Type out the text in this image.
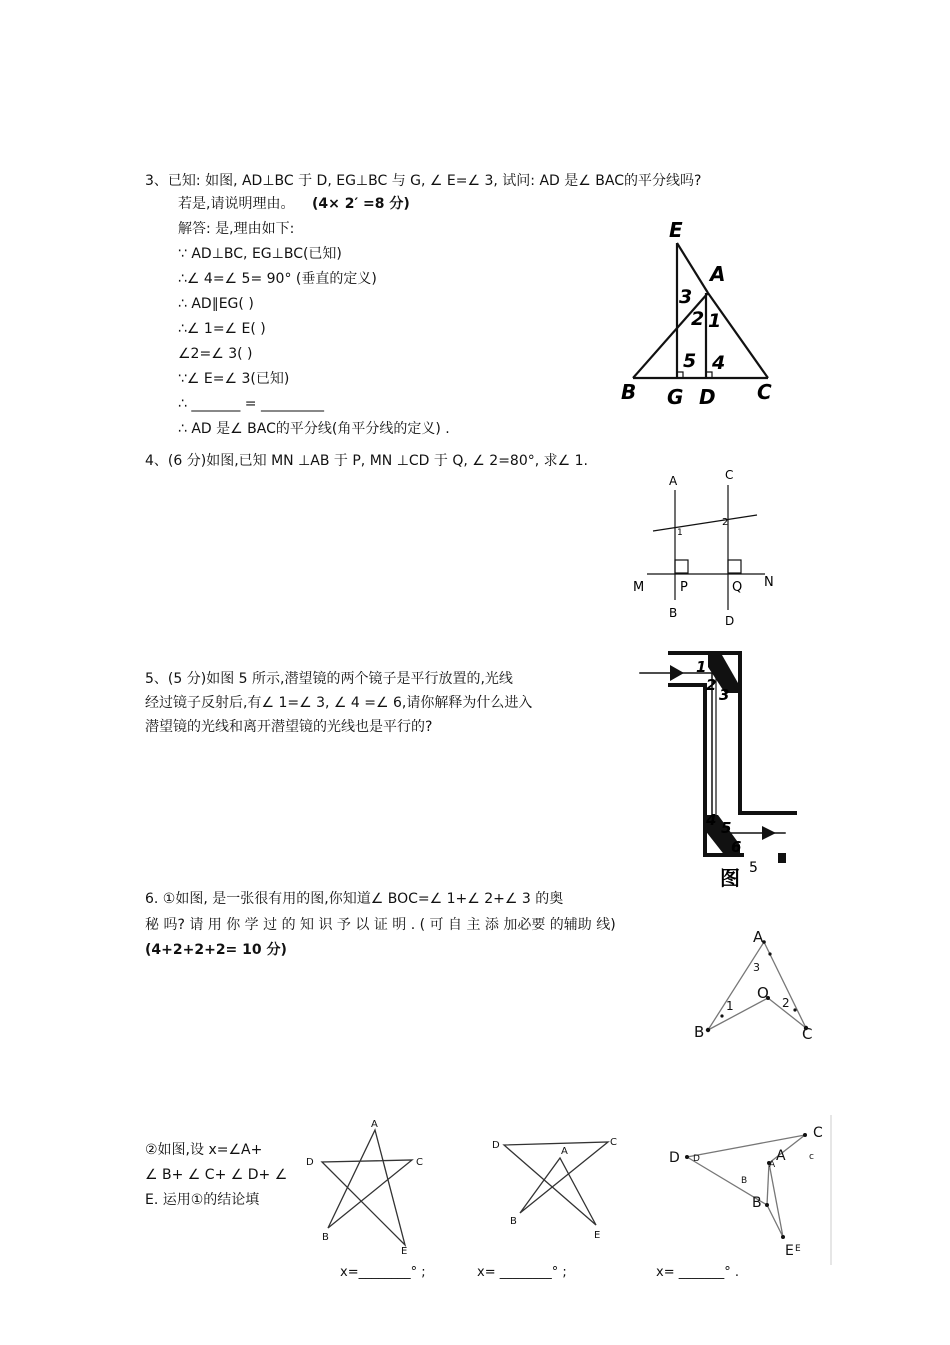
3、已知: 如图, AD⊥BC 于 D, EG⊥BC 与 G, ∠ E=∠ 3, 试问: AD 是∠ BAC的平分线吗?
若是,请说明理由。 (4× 2′ =8 分)
解答: 是,理由如下:
∵ AD⊥BC, EG⊥BC(已知)
∴∠ 4=∠ 5= 90° (垂直的定义)
∴ AD∥EG( )
∴∠ 1=∠ E( )
∠2=∠ 3( )
∵∠ E=∠ 3(已知)
∴ _______ = _________
∴ AD 是∠ BAC的平分线(角平分线的定义) .
E
A
B G D C
3
2 1
5 4
4、(6 分)如图,已知 MN ⊥AB 于 P, MN ⊥CD 于 Q, ∠ 2=80°, 求∠ 1.
A	C
1
2
M	P	Q N
B
D
5、(5 分)如图 5 所示,潜望镜的两个镜子是平行放置的,光线
经过镜子反射后,有∠ 1=∠ 3, ∠ 4 =∠ 6,请你解释为什么进入
潜望镜的光线和离开潜望镜的光线也是平行的?
1
2
3
4 5
6
图 5
6. ①如图, 是一张很有用的图,你知道∠ BOC=∠ 1+∠ 2+∠ 3 的奥
秘 吗? 请 用 你 学 过 的 知 识 予 以 证 明 . ( 可 自 主 添 加必要 的辅助 线)
(4+2+2+2= 10 分)
A
B	C
O
1	2
3
②如图,设 x=∠A+
∠ B+ ∠ C+ ∠ D+ ∠
E. 运用①的结论填
A
D	C
B
E
D	C
A
B
E
C
c
D D	A
A
B
B
E E
x=________° ;	x= ________° ;	x= _______° .
